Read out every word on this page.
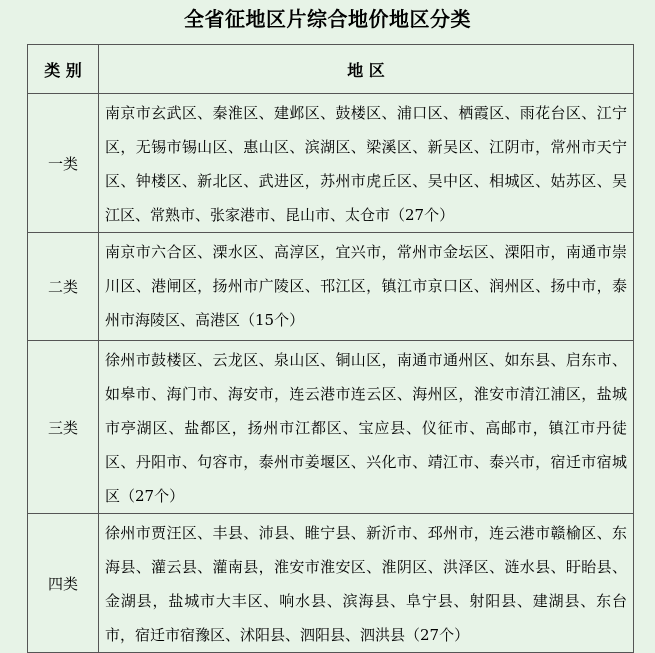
全省征地区片综合地价地区分类
类 别	地 区
一类	南京市玄武区、秦淮区、建邺区、鼓楼区、浦口区、栖霞区、雨花台区、江宁区，无锡市锡山区、惠山区、滨湖区、梁溪区、新吴区、江阴市，常州市天宁区、钟楼区、新北区、武进区，苏州市虎丘区、吴中区、相城区、姑苏区、吴江区、常熟市、张家港市、昆山市、太仓市（27个）
二类	南京市六合区、溧水区、高淳区，宜兴市，常州市金坛区、溧阳市，南通市崇川区、港闸区，扬州市广陵区、邗江区，镇江市京口区、润州区、扬中市，泰州市海陵区、高港区（15个）
三类	徐州市鼓楼区、云龙区、泉山区、铜山区，南通市通州区、如东县、启东市、如皋市、海门市、海安市，连云港市连云区、海州区，淮安市清江浦区，盐城市亭湖区、盐都区，扬州市江都区、宝应县、仪征市、高邮市，镇江市丹徒区、丹阳市、句容市，泰州市姜堰区、兴化市、靖江市、泰兴市，宿迁市宿城区（27个）
四类	徐州市贾汪区、丰县、沛县、睢宁县、新沂市、邳州市，连云港市赣榆区、东海县、灌云县、灌南县，淮安市淮安区、淮阴区、洪泽区、涟水县、盱眙县、金湖县，盐城市大丰区、响水县、滨海县、阜宁县、射阳县、建湖县、东台市，宿迁市宿豫区、沭阳县、泗阳县、泗洪县（27个）
